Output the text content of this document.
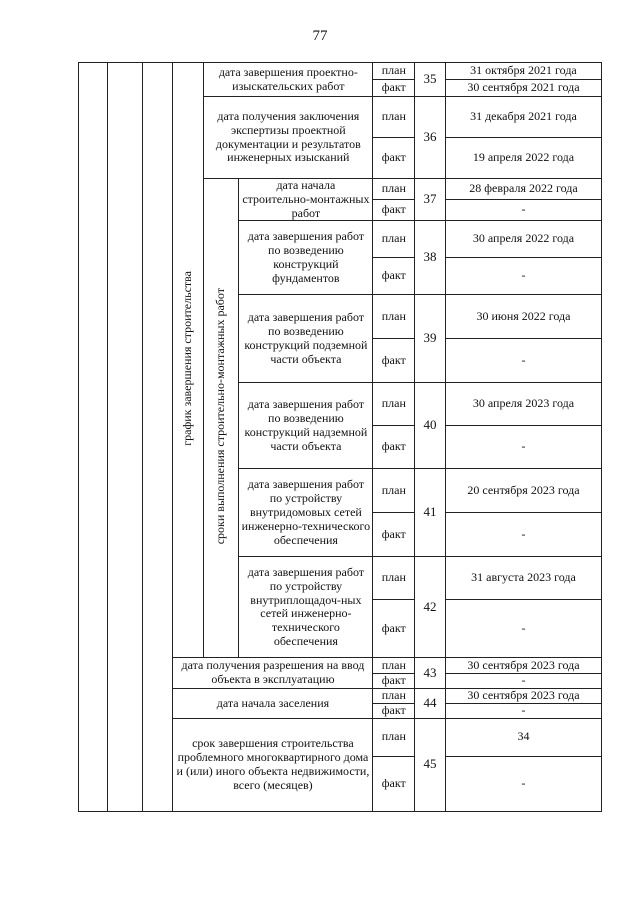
77
			график завершения строительства	дата завершения проектно-изыскательских работ		план	35	31 октября 2021 года
						факт		30 сентября 2021 года
				дата получения заключения экспертизы проектной документации и результатов инженерных изысканий		план	36	31 декабря 2021 года
						факт		19 апреля 2022 года
				сроки выполнения строительно-монтажных работ	дата начала строительно-монтажных работ	план	37	28 февраля 2022 года
						факт		-
					дата завершения работ по возведению конструкций фундаментов	план	38	30 апреля 2022 года
						факт		-
					дата завершения работ по возведению конструкций подземной части объекта	план	39	30 июня 2022 года
						факт		-
					дата завершения работ по возведению конструкций надземной части объекта	план	40	30 апреля 2023 года
						факт		-
					дата завершения работ по устройству внутридомовых сетей инженерно-технического обеспечения	план	41	20 сентября 2023 года
						факт		-
					дата завершения работ по устройству внутриплощадоч-ных сетей инженерно-технического обеспечения	план	42	31 августа 2023 года
						факт		-
			дата получения разрешения на ввод объекта в эксплуатацию			план	43	30 сентября 2023 года
						факт		-
			дата начала заселения			план	44	30 сентября 2023 года
						факт		-
			срок завершения строительства проблемного многоквартирного дома и (или) иного объекта недвижимости, всего (месяцев)			план	45	34
						факт		-
